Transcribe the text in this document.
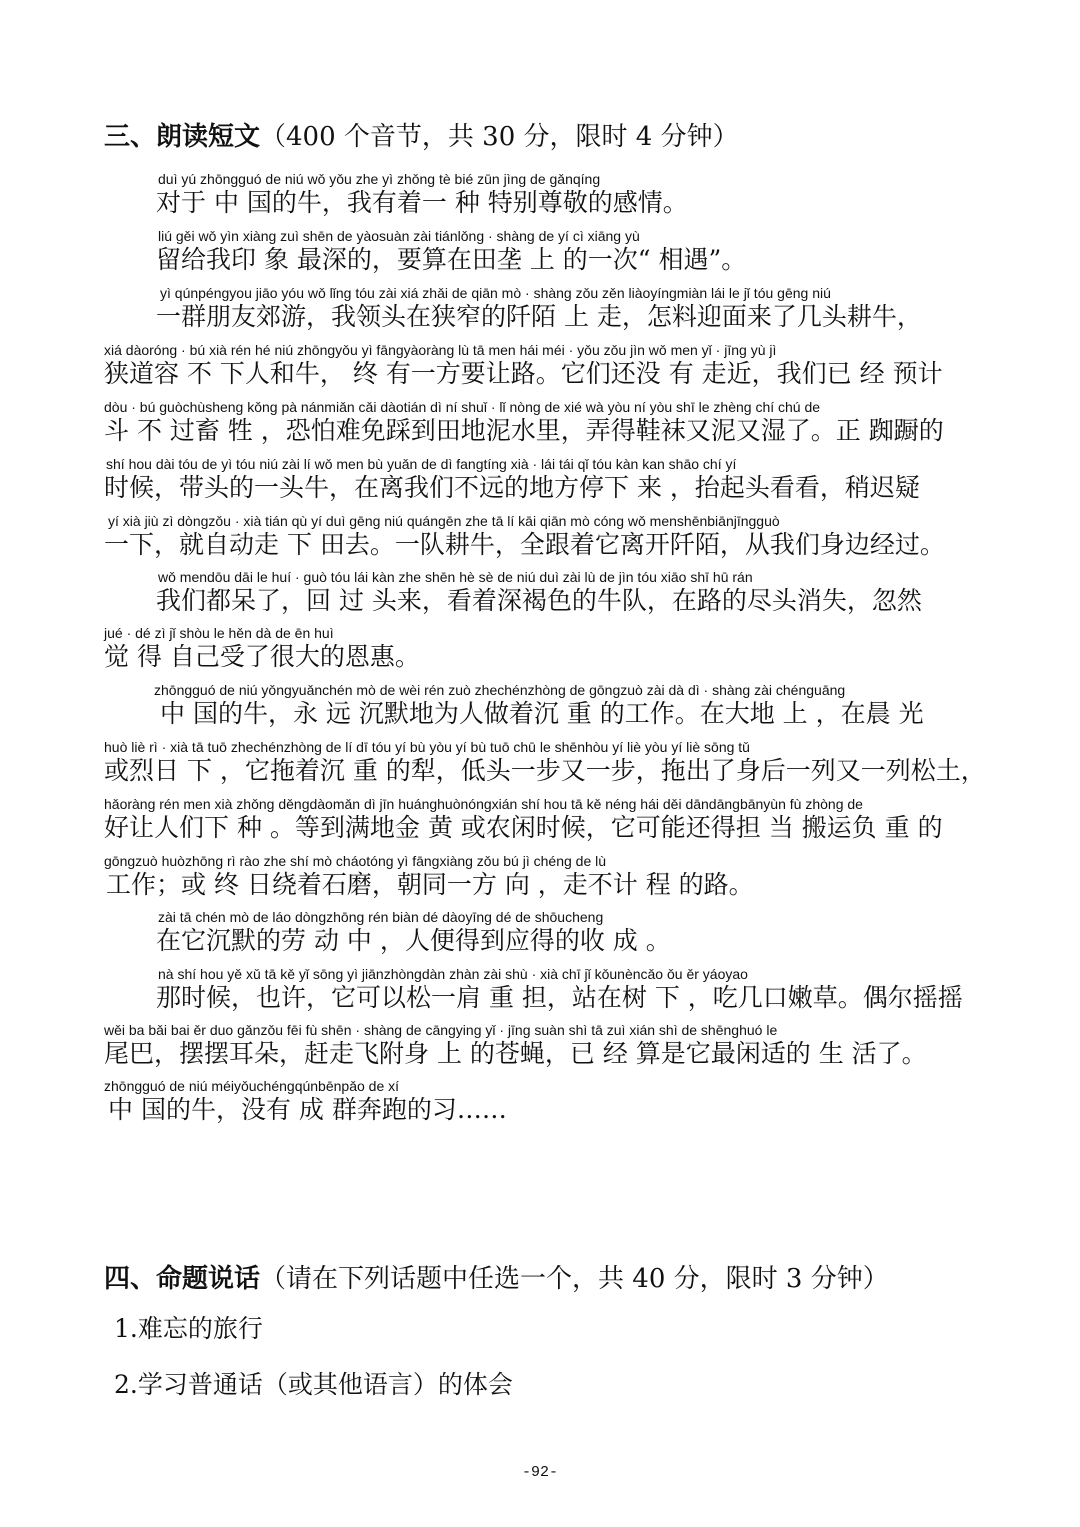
三、朗读短文（400 个音节，共 30 分，限时 4 分钟）
duì yú zhōngguó de niú wǒ yǒu zhe yì zhǒng tè bié zūn jìng de gǎnqíng
对于 中 国的牛，我有着一 种 特别尊敬的感情。
liú gěi wǒ yìn xiàng zuì shēn de yàosuàn zài tiánlǒng · shàng de yí cì xiāng yù
留给我印 象 最深的，要算在田垄 上 的一次“ 相遇”。
yì qúnpéngyou jiāo yóu wǒ lǐng tóu zài xiá zhǎi de qiān mò · shàng zǒu zěn liàoyíngmiàn lái le jǐ tóu gēng niú
一群朋友郊游，我领头在狭窄的阡陌 上 走，怎料迎面来了几头耕牛，
xiá dàoróng · bú xià rén hé niú zhōngyǒu yì fāngyàoràng lù tā men hái méi · yǒu zǒu jìn wǒ men yǐ · jīng yù jì
狭道容 不 下人和牛， 终 有一方要让路。它们还没 有 走近，我们已 经 预计
dòu · bú guòchùsheng kǒng pà nánmiǎn cǎi dàotián dì ní shuǐ · lǐ nòng de xié wà yòu ní yòu shī le zhèng chí chú de
斗 不 过畜 牲 ，恐怕难免踩到田地泥水里，弄得鞋袜又泥又湿了。正 踟蹰的
shí hou dài tóu de yì tóu niú zài lí wǒ men bù yuǎn de dì fangtíng xià · lái tái qǐ tóu kàn kan shāo chí yí
时候，带头的一头牛，在离我们不远的地方停下 来 ，抬起头看看，稍迟疑
yí xià jiù zì dòngzǒu · xià tián qù yí duì gēng niú quángēn zhe tā lí kāi qiān mò cóng wǒ menshēnbiānjīngguò
一下，就自动走 下 田去。一队耕牛，全跟着它离开阡陌，从我们身边经过。
wǒ mendōu dāi le huí · guò tóu lái kàn zhe shēn hè sè de niú duì zài lù de jìn tóu xiāo shī hū rán
我们都呆了，回 过 头来，看着深褐色的牛队，在路的尽头消失，忽然
jué · dé zì jǐ shòu le hěn dà de ēn huì
觉 得 自己受了很大的恩惠。
zhōngguó de niú yǒngyuǎnchén mò de wèi rén zuò zhechénzhòng de gōngzuò zài dà dì · shàng zài chénguāng
中 国的牛，永 远 沉默地为人做着沉 重 的工作。在大地 上 ，在晨 光
huò liè rì · xià tā tuō zhechénzhòng de lí dī tóu yí bù yòu yí bù tuō chū le shēnhòu yí liè yòu yí liè sōng tǔ
或烈日 下 ，它拖着沉 重 的犁，低头一步又一步，拖出了身后一列又一列松土，
hǎoràng rén men xià zhǒng děngdàomǎn dì jīn huánghuònóngxián shí hou tā kě néng hái děi dāndāngbānyùn fù zhòng de
好让人们下 种 。等到满地金 黄 或农闲时候，它可能还得担 当 搬运负 重 的
gōngzuò huòzhōng rì rào zhe shí mò cháotóng yì fāngxiàng zǒu bú jì chéng de lù
工作；或 终 日绕着石磨，朝同一方 向 ，走不计 程 的路。
zài tā chén mò de láo dòngzhōng rén biàn dé dàoyīng dé de shōucheng
在它沉默的劳 动 中 ，人便得到应得的收 成 。
nà shí hou yě xǔ tā kě yǐ sōng yì jiānzhòngdàn zhàn zài shù · xià chī jǐ kǒunèncǎo ǒu ěr yáoyao
那时候，也许，它可以松一肩 重 担，站在树 下 ，吃几口嫩草。偶尔摇摇
wěi ba bǎi bai ěr duo gǎnzǒu fēi fù shēn · shàng de cāngying yǐ · jīng suàn shì tā zuì xián shì de shēnghuó le
尾巴，摆摆耳朵，赶走飞附身 上 的苍蝇，已 经 算是它最闲适的 生 活了。
zhōngguó de niú méiyǒuchéngqúnbēnpǎo de xí
中 国的牛，没有 成 群奔跑的习……
四、命题说话（请在下列话题中任选一个，共 40 分，限时 3 分钟）
1.难忘的旅行
2.学习普通话（或其他语言）的体会
-92-
